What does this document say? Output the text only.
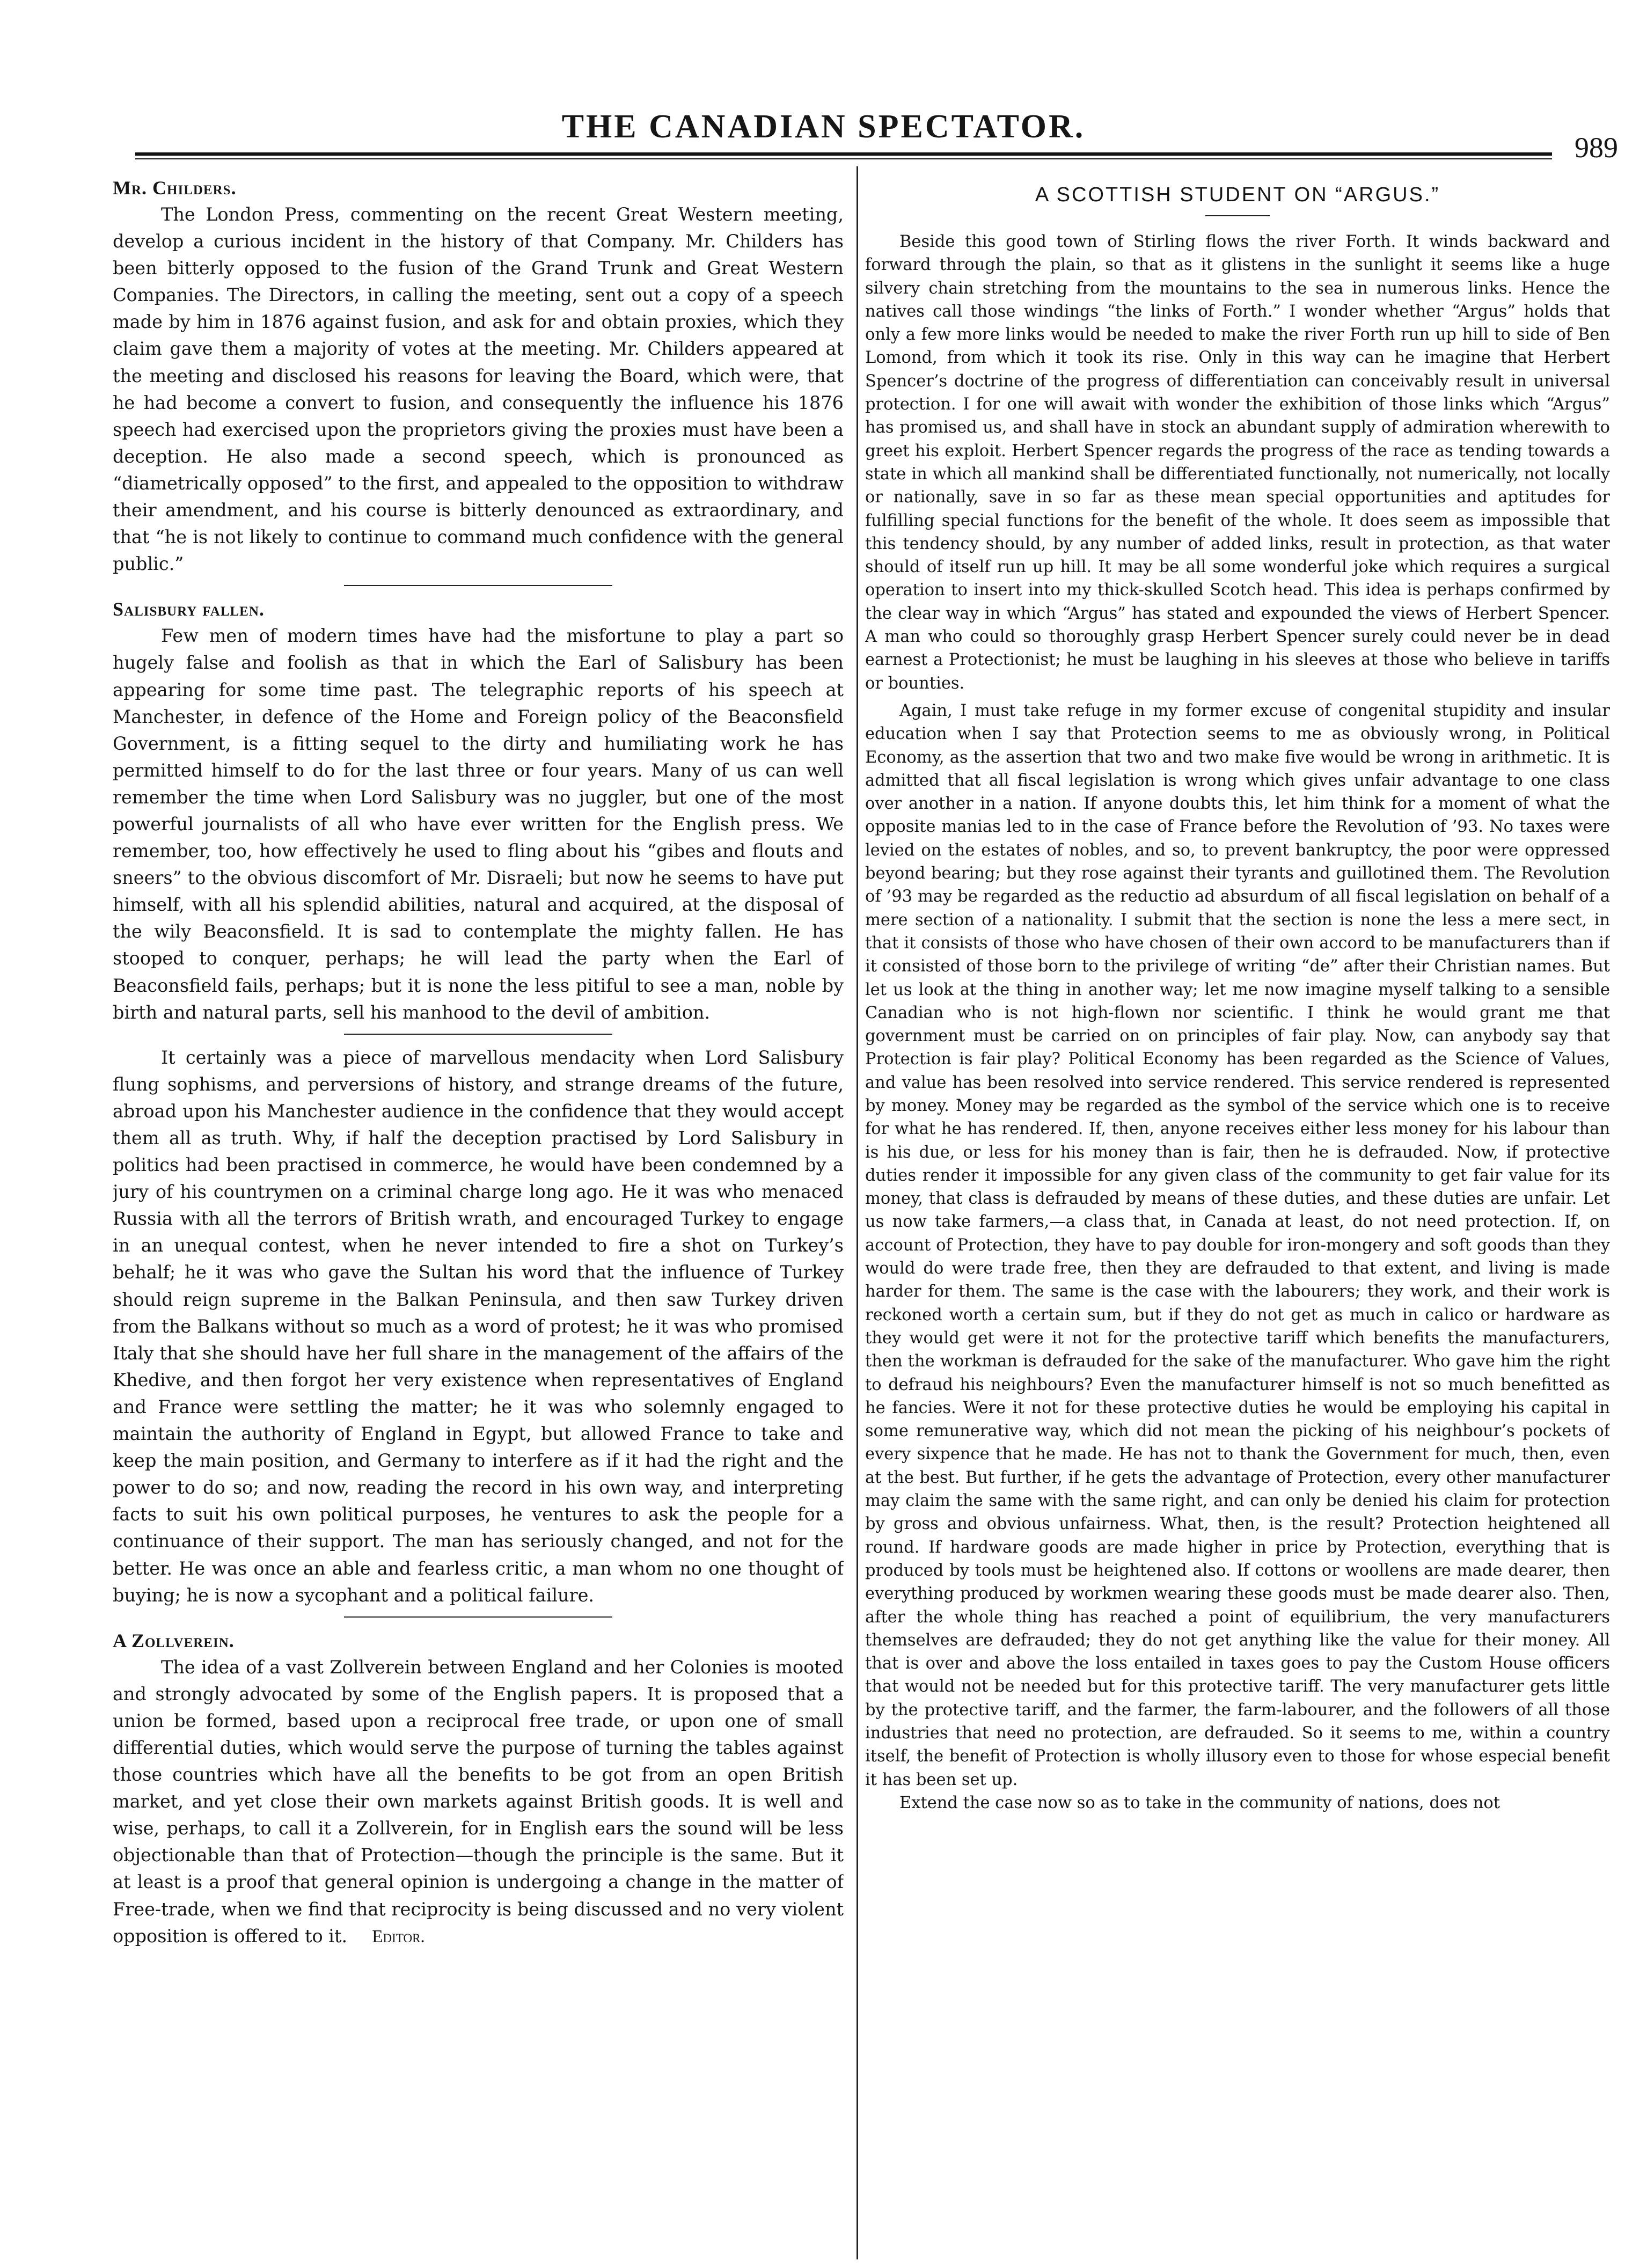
THE CANADIAN SPECTATOR.
989
Mr. Childers.

The London Press, commenting on the recent Great Western meeting, develop a curious incident in the history of that Company. Mr. Childers has been bitterly opposed to the fusion of the Grand Trunk and Great Western Companies. The Directors, in calling the meeting, sent out a copy of a speech made by him in 1876 against fusion, and ask for and obtain proxies, which they claim gave them a majority of votes at the meeting. Mr. Childers appeared at the meeting and disclosed his reasons for leaving the Board, which were, that he had become a convert to fusion, and consequently the influence his 1876 speech had exercised upon the proprietors giving the proxies must have been a deception. He also made a second speech, which is pronounced as “diametrically opposed” to the first, and appealed to the opposition to withdraw their amendment, and his course is bitterly denounced as extraordinary, and that “he is not likely to continue to command much confidence with the general public.”

Salisbury fallen.

Few men of modern times have had the misfortune to play a part so hugely false and foolish as that in which the Earl of Salisbury has been appearing for some time past. The telegraphic reports of his speech at Manchester, in defence of the Home and Foreign policy of the Beaconsfield Government, is a fitting sequel to the dirty and humiliating work he has permitted himself to do for the last three or four years. Many of us can well remember the time when Lord Salisbury was no juggler, but one of the most powerful journalists of all who have ever written for the English press. We remember, too, how effectively he used to fling about his “gibes and flouts and sneers” to the obvious discomfort of Mr. Disraeli; but now he seems to have put himself, with all his splendid abilities, natural and acquired, at the disposal of the wily Beaconsfield. It is sad to contemplate the mighty fallen. He has stooped to conquer, perhaps; he will lead the party when the Earl of Beaconsfield fails, perhaps; but it is none the less pitiful to see a man, noble by birth and natural parts, sell his manhood to the devil of ambition.

It certainly was a piece of marvellous mendacity when Lord Salisbury flung sophisms, and perversions of history, and strange dreams of the future, abroad upon his Manchester audience in the confidence that they would accept them all as truth. Why, if half the deception practised by Lord Salisbury in politics had been practised in commerce, he would have been condemned by a jury of his countrymen on a criminal charge long ago. He it was who menaced Russia with all the terrors of British wrath, and encouraged Turkey to engage in an unequal contest, when he never intended to fire a shot on Turkey’s behalf; he it was who gave the Sultan his word that the influence of Turkey should reign supreme in the Balkan Peninsula, and then saw Turkey driven from the Balkans without so much as a word of protest; he it was who promised Italy that she should have her full share in the management of the affairs of the Khedive, and then forgot her very existence when representatives of England and France were settling the matter; he it was who solemnly engaged to maintain the authority of England in Egypt, but allowed France to take and keep the main position, and Germany to interfere as if it had the right and the power to do so; and now, reading the record in his own way, and interpreting facts to suit his own political purposes, he ventures to ask the people for a continuance of their support. The man has seriously changed, and not for the better. He was once an able and fearless critic, a man whom no one thought of buying; he is now a sycophant and a political failure.

A Zollverein.

The idea of a vast Zollverein between England and her Colonies is mooted and strongly advocated by some of the English papers. It is proposed that a union be formed, based upon a reciprocal free trade, or upon one of small differential duties, which would serve the purpose of turning the tables against those countries which have all the benefits to be got from an open British market, and yet close their own markets against British goods. It is well and wise, perhaps, to call it a Zollverein, for in English ears the sound will be less objectionable than that of Protection—though the principle is the same. But it at least is a proof that general opinion is undergoing a change in the matter of Free-trade, when we find that reciprocity is being discussed and no very violent opposition is offered to it. Editor.

A SCOTTISH STUDENT ON “ARGUS.”

Beside this good town of Stirling flows the river Forth. It winds backward and forward through the plain, so that as it glistens in the sunlight it seems like a huge silvery chain stretching from the mountains to the sea in numerous links. Hence the natives call those windings “the links of Forth.” I wonder whether “Argus” holds that only a few more links would be needed to make the river Forth run up hill to side of Ben Lomond, from which it took its rise. Only in this way can he imagine that Herbert Spencer’s doctrine of the progress of differentiation can conceivably result in universal protection. I for one will await with wonder the exhibition of those links which “Argus” has promised us, and shall have in stock an abundant supply of admiration wherewith to greet his exploit. Herbert Spencer regards the progress of the race as tending towards a state in which all mankind shall be differentiated functionally, not numerically, not locally or nationally, save in so far as these mean special opportunities and aptitudes for fulfilling special functions for the benefit of the whole. It does seem as impossible that this tendency should, by any number of added links, result in protection, as that water should of itself run up hill. It may be all some wonderful joke which requires a surgical operation to insert into my thick-skulled Scotch head. This idea is perhaps confirmed by the clear way in which “Argus” has stated and expounded the views of Herbert Spencer. A man who could so thoroughly grasp Herbert Spencer surely could never be in dead earnest a Protectionist; he must be laughing in his sleeves at those who believe in tariffs or bounties.

Again, I must take refuge in my former excuse of congenital stupidity and insular education when I say that Protection seems to me as obviously wrong, in Political Economy, as the assertion that two and two make five would be wrong in arithmetic. It is admitted that all fiscal legislation is wrong which gives unfair advantage to one class over another in a nation. If anyone doubts this, let him think for a moment of what the opposite manias led to in the case of France before the Revolution of ’93. No taxes were levied on the estates of nobles, and so, to prevent bankruptcy, the poor were oppressed beyond bearing; but they rose against their tyrants and guillotined them. The Revolution of ’93 may be regarded as the reductio ad absurdum of all fiscal legislation on behalf of a mere section of a nationality. I submit that the section is none the less a mere sect, in that it consists of those who have chosen of their own accord to be manufacturers than if it consisted of those born to the privilege of writing “de” after their Christian names. But let us look at the thing in another way; let me now imagine myself talking to a sensible Canadian who is not high-flown nor scientific. I think he would grant me that government must be carried on on principles of fair play. Now, can anybody say that Protection is fair play? Political Economy has been regarded as the Science of Values, and value has been resolved into service rendered. This service rendered is represented by money. Money may be regarded as the symbol of the service which one is to receive for what he has rendered. If, then, anyone receives either less money for his labour than is his due, or less for his money than is fair, then he is defrauded. Now, if protective duties render it impossible for any given class of the community to get fair value for its money, that class is defrauded by means of these duties, and these duties are unfair. Let us now take farmers,—a class that, in Canada at least, do not need protection. If, on account of Protection, they have to pay double for iron-mongery and soft goods than they would do were trade free, then they are defrauded to that extent, and living is made harder for them. The same is the case with the labourers; they work, and their work is reckoned worth a certain sum, but if they do not get as much in calico or hardware as they would get were it not for the protective tariff which benefits the manufacturers, then the workman is defrauded for the sake of the manufacturer. Who gave him the right to defraud his neighbours? Even the manufacturer himself is not so much benefitted as he fancies. Were it not for these protective duties he would be employing his capital in some remunerative way, which did not mean the picking of his neighbour’s pockets of every sixpence that he made. He has not to thank the Government for much, then, even at the best. But further, if he gets the advantage of Protection, every other manufacturer may claim the same with the same right, and can only be denied his claim for protection by gross and obvious unfairness. What, then, is the result? Protection heightened all round. If hardware goods are made higher in price by Protection, everything that is produced by tools must be heightened also. If cottons or woollens are made dearer, then everything produced by workmen wearing these goods must be made dearer also. Then, after the whole thing has reached a point of equilibrium, the very manufacturers themselves are defrauded; they do not get anything like the value for their money. All that is over and above the loss entailed in taxes goes to pay the Custom House officers that would not be needed but for this protective tariff. The very manufacturer gets little by the protective tariff, and the farmer, the farm-labourer, and the followers of all those industries that need no protection, are defrauded. So it seems to me, within a country itself, the benefit of Protection is wholly illusory even to those for whose especial benefit it has been set up.

Extend the case now so as to take in the community of nations, does not
